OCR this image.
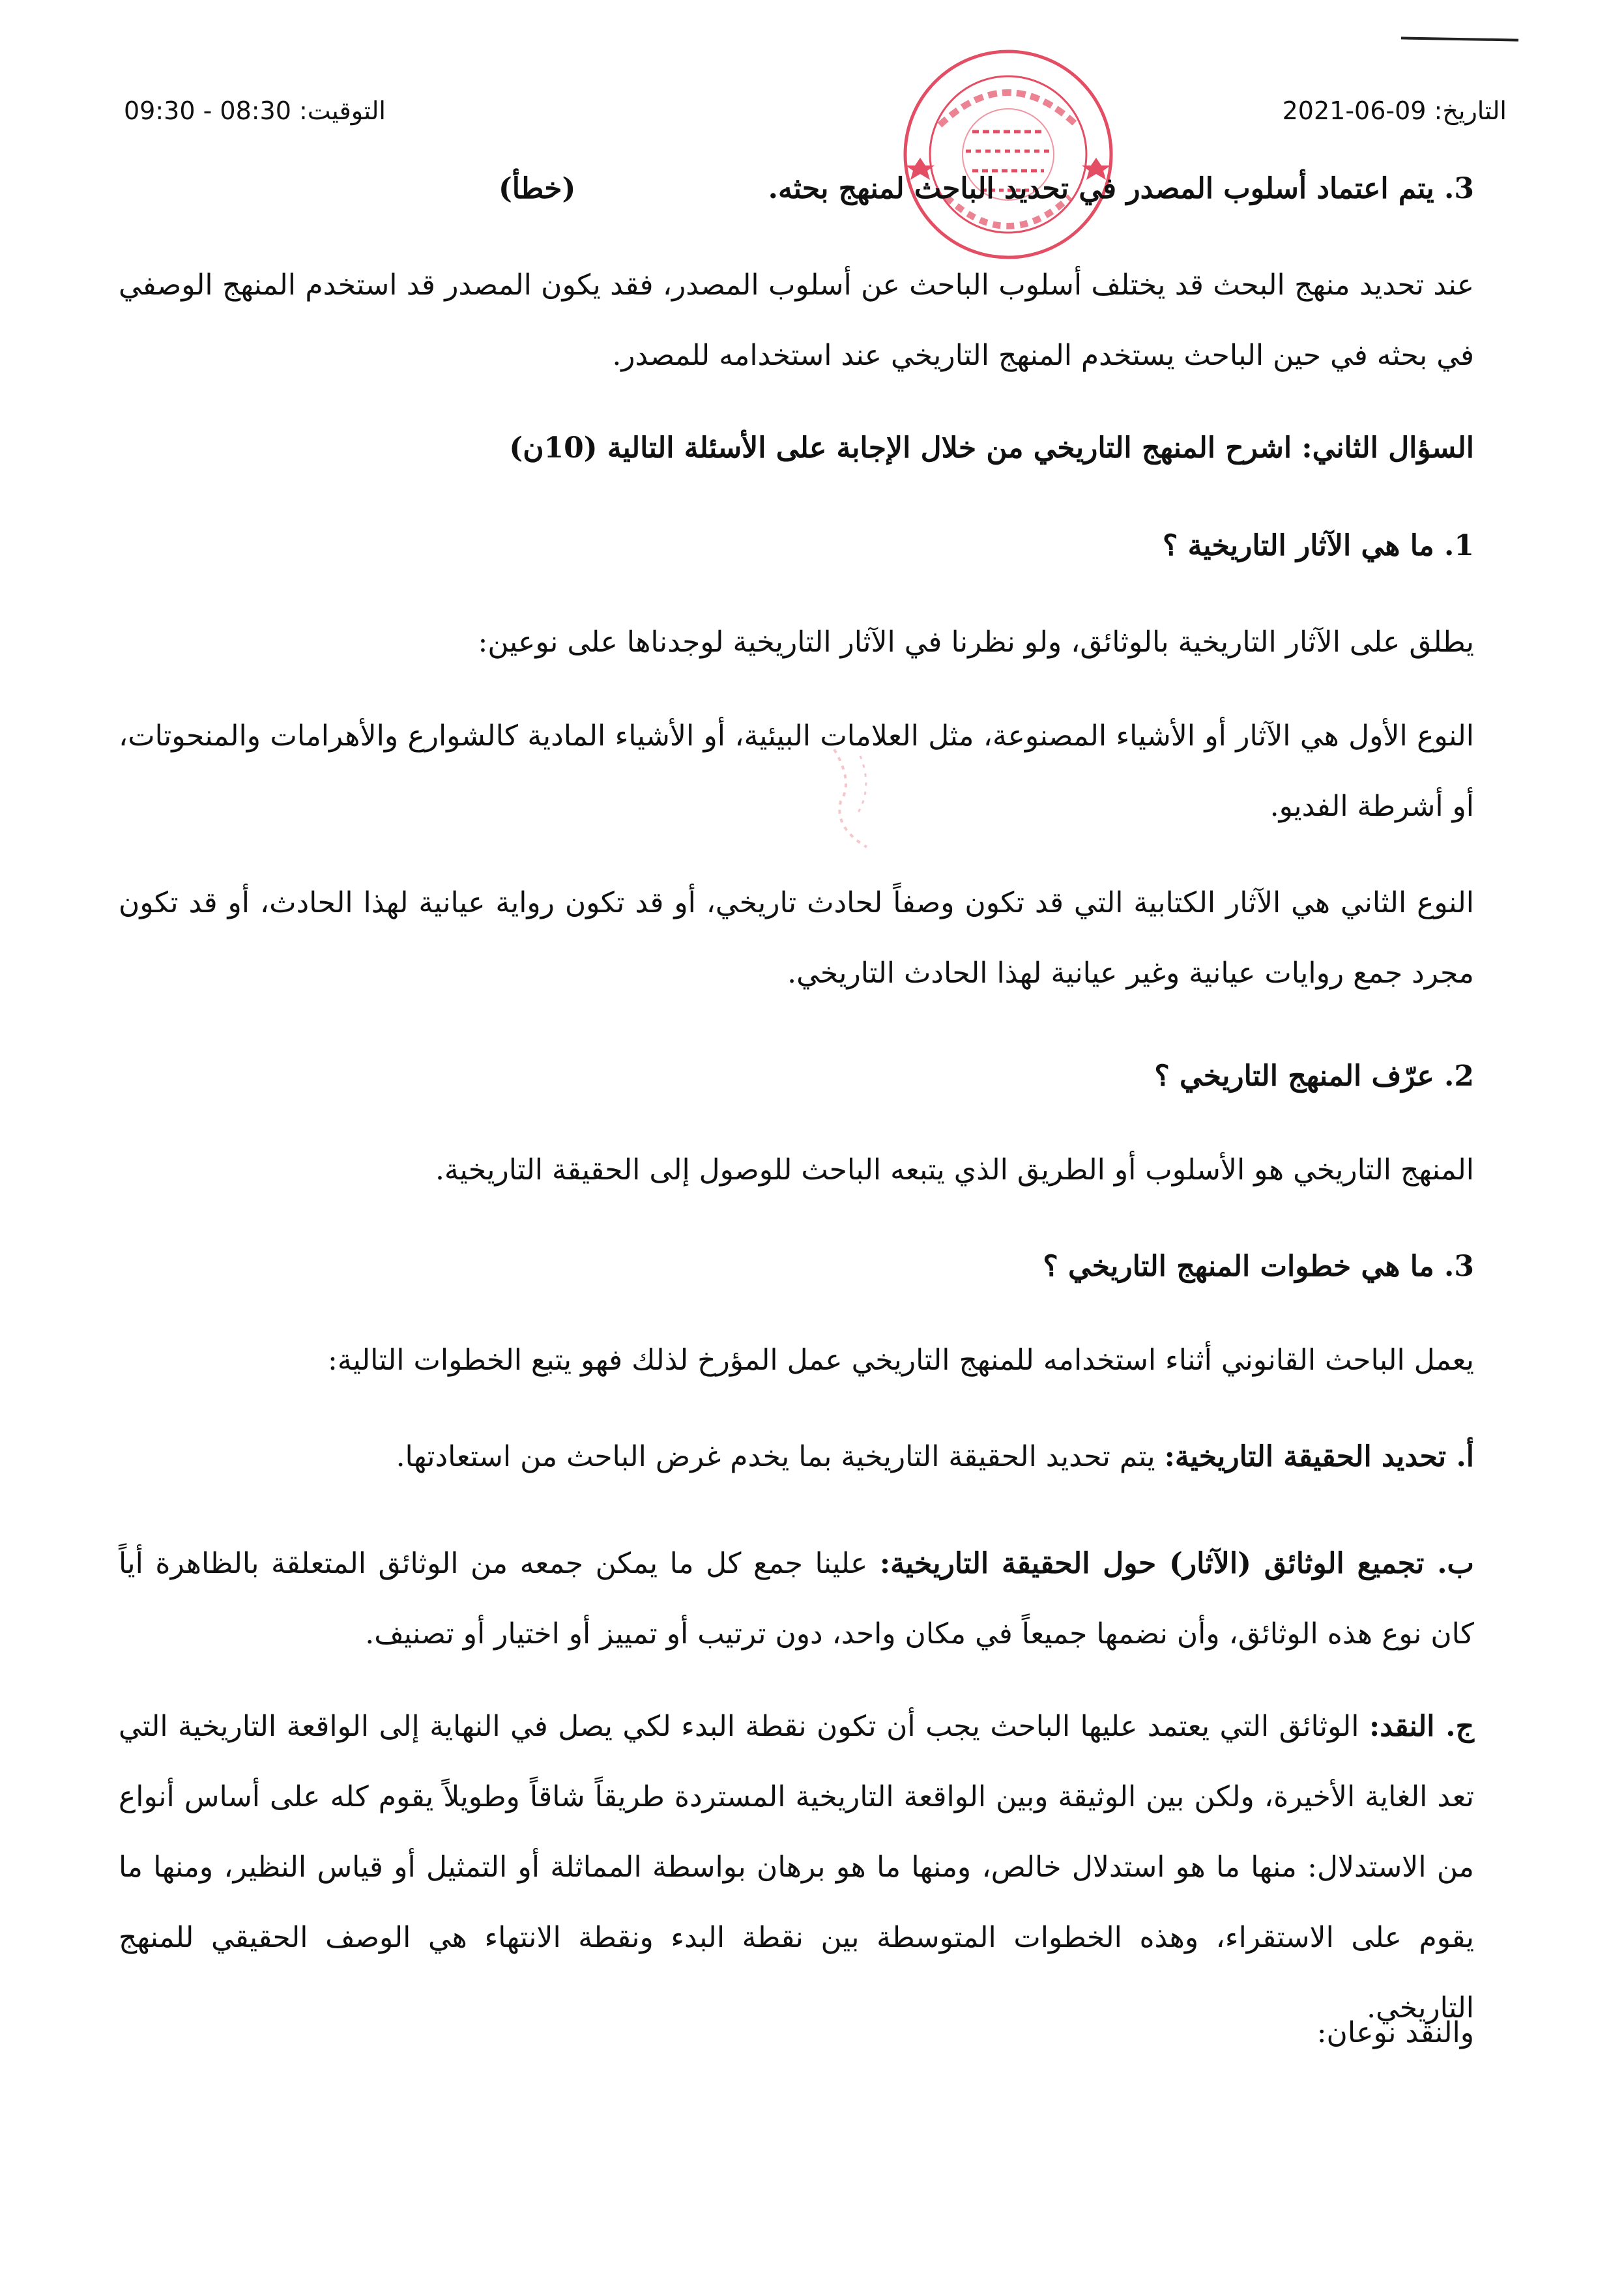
التاريخ: 09-06-2021
التوقيت: 08:30 - 09:30
3. يتم اعتماد أسلوب المصدر في تحديد الباحث لمنهج بحثه. (خطأ)
عند تحديد منهج البحث قد يختلف أسلوب الباحث عن أسلوب المصدر، فقد يكون المصدر قد استخدم المنهج الوصفي في بحثه في حين الباحث يستخدم المنهج التاريخي عند استخدامه للمصدر.
السؤال الثاني: اشرح المنهج التاريخي من خلال الإجابة على الأسئلة التالية (10ن)
1. ما هي الآثار التاريخية ؟
يطلق على الآثار التاريخية بالوثائق، ولو نظرنا في الآثار التاريخية لوجدناها على نوعين:
النوع الأول هي الآثار أو الأشياء المصنوعة، مثل العلامات البيئية، أو الأشياء المادية كالشوارع والأهرامات والمنحوتات، أو أشرطة الفديو.
النوع الثاني هي الآثار الكتابية التي قد تكون وصفاً لحادث تاريخي، أو قد تكون رواية عيانية لهذا الحادث، أو قد تكون مجرد جمع روايات عيانية وغير عيانية لهذا الحادث التاريخي.
2. عرّف المنهج التاريخي ؟
المنهج التاريخي هو الأسلوب أو الطريق الذي يتبعه الباحث للوصول إلى الحقيقة التاريخية.
3. ما هي خطوات المنهج التاريخي ؟
يعمل الباحث القانوني أثناء استخدامه للمنهج التاريخي عمل المؤرخ لذلك فهو يتبع الخطوات التالية:
أ. تحديد الحقيقة التاريخية: يتم تحديد الحقيقة التاريخية بما يخدم غرض الباحث من استعادتها.
ب. تجميع الوثائق (الآثار) حول الحقيقة التاريخية: علينا جمع كل ما يمكن جمعه من الوثائق المتعلقة بالظاهرة أياً كان نوع هذه الوثائق، وأن نضمها جميعاً في مكان واحد، دون ترتيب أو تمييز أو اختيار أو تصنيف.
ج. النقد: الوثائق التي يعتمد عليها الباحث يجب أن تكون نقطة البدء لكي يصل في النهاية إلى الواقعة التاريخية التي تعد الغاية الأخيرة، ولكن بين الوثيقة وبين الواقعة التاريخية المستردة طريقاً شاقاً وطويلاً يقوم كله على أساس أنواع من الاستدلال: منها ما هو استدلال خالص، ومنها ما هو برهان بواسطة المماثلة أو التمثيل أو قياس النظير، ومنها ما يقوم على الاستقراء، وهذه الخطوات المتوسطة بين نقطة البدء ونقطة الانتهاء هي الوصف الحقيقي للمنهج التاريخي.
والنقد نوعان:
